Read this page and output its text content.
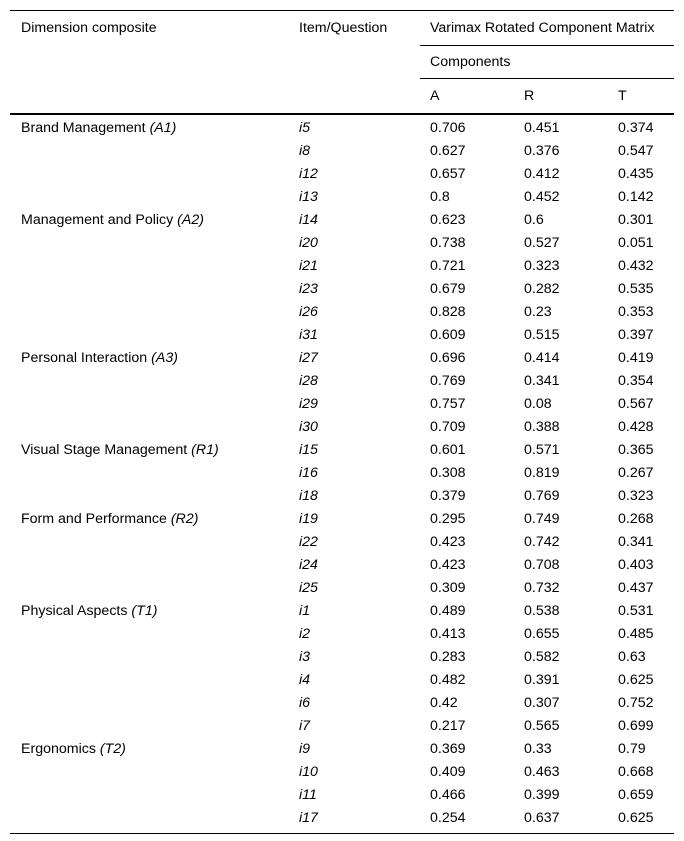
Dimension composite	Item/Question	Varimax Rotated Component Matrix		
		Components		
		A	R	T

Brand Management (A1)	i5	0.706	0.451	0.374
	i8	0.627	0.376	0.547
	i12	0.657	0.412	0.435
	i13	0.8	0.452	0.142
Management and Policy (A2)	i14	0.623	0.6	0.301
	i20	0.738	0.527	0.051
	i21	0.721	0.323	0.432
	i23	0.679	0.282	0.535
	i26	0.828	0.23	0.353
	i31	0.609	0.515	0.397
Personal Interaction (A3)	i27	0.696	0.414	0.419
	i28	0.769	0.341	0.354
	i29	0.757	0.08	0.567
	i30	0.709	0.388	0.428
Visual Stage Management (R1)	i15	0.601	0.571	0.365
	i16	0.308	0.819	0.267
	i18	0.379	0.769	0.323
Form and Performance (R2)	i19	0.295	0.749	0.268
	i22	0.423	0.742	0.341
	i24	0.423	0.708	0.403
	i25	0.309	0.732	0.437
Physical Aspects (T1)	i1	0.489	0.538	0.531
	i2	0.413	0.655	0.485
	i3	0.283	0.582	0.63
	i4	0.482	0.391	0.625
	i6	0.42	0.307	0.752
	i7	0.217	0.565	0.699
Ergonomics (T2)	i9	0.369	0.33	0.79
	i10	0.409	0.463	0.668
	i11	0.466	0.399	0.659
	i17	0.254	0.637	0.625
